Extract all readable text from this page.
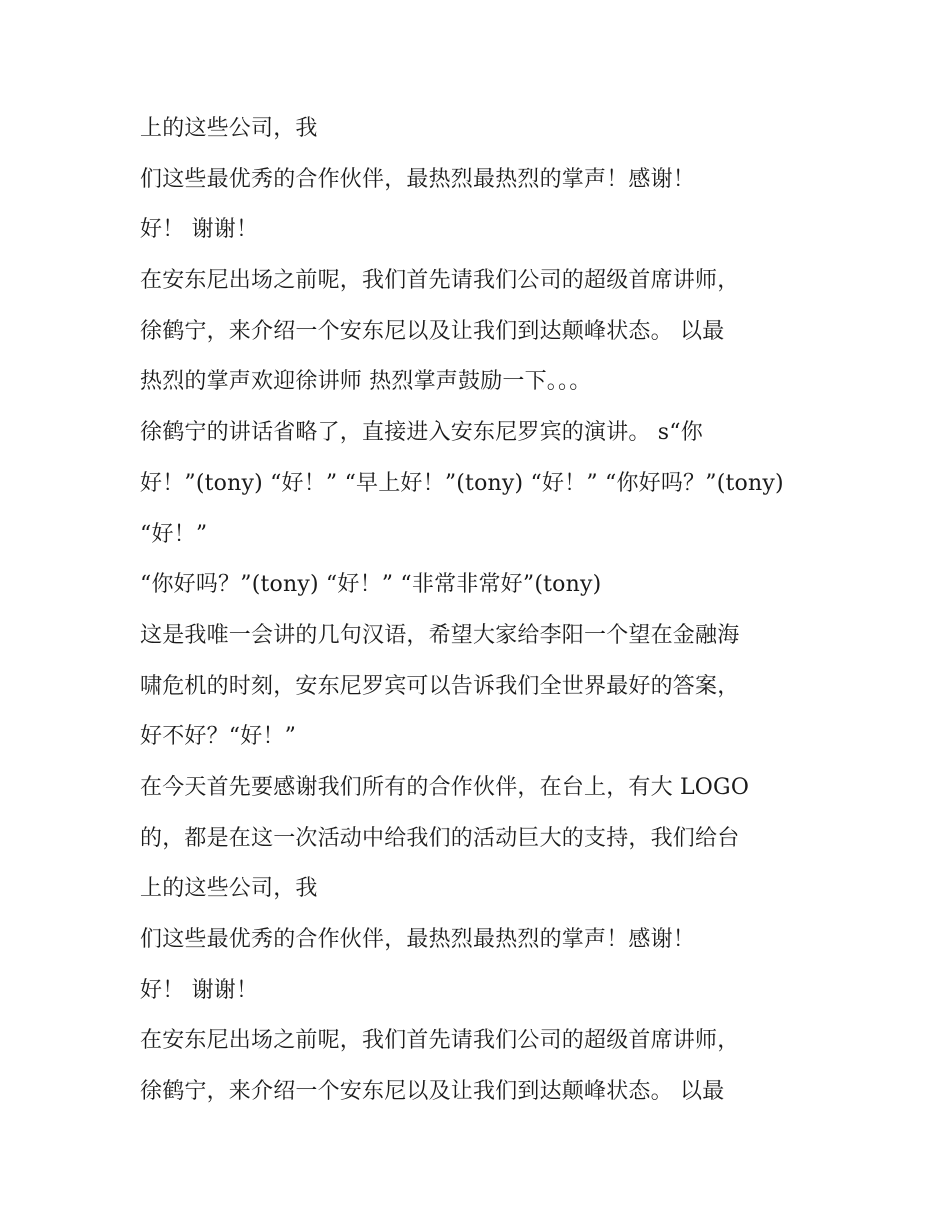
上的这些公司，我
们这些最优秀的合作伙伴，最热烈最热烈的掌声！感谢！
好！ 谢谢！
在安东尼出场之前呢，我们首先请我们公司的超级首席讲师，
徐鹤宁，来介绍一个安东尼以及让我们到达颠峰状态。 以最
热烈的掌声欢迎徐讲师 热烈掌声鼓励一下。。。
徐鹤宁的讲话省略了，直接进入安东尼罗宾的演讲。 s“你
好！”(tony) “好！” “早上好！”(tony) “好！” “你好吗？”(tony)
“好！”
“你好吗？”(tony) “好！” “非常非常好”(tony)
这是我唯一会讲的几句汉语，希望大家给李阳一个望在金融海
啸危机的时刻，安东尼罗宾可以告诉我们全世界最好的答案，
好不好？“好！”
在今天首先要感谢我们所有的合作伙伴，在台上，有大 LOGO
的，都是在这一次活动中给我们的活动巨大的支持，我们给台
上的这些公司，我
们这些最优秀的合作伙伴，最热烈最热烈的掌声！感谢！
好！ 谢谢！
在安东尼出场之前呢，我们首先请我们公司的超级首席讲师，
徐鹤宁，来介绍一个安东尼以及让我们到达颠峰状态。 以最
